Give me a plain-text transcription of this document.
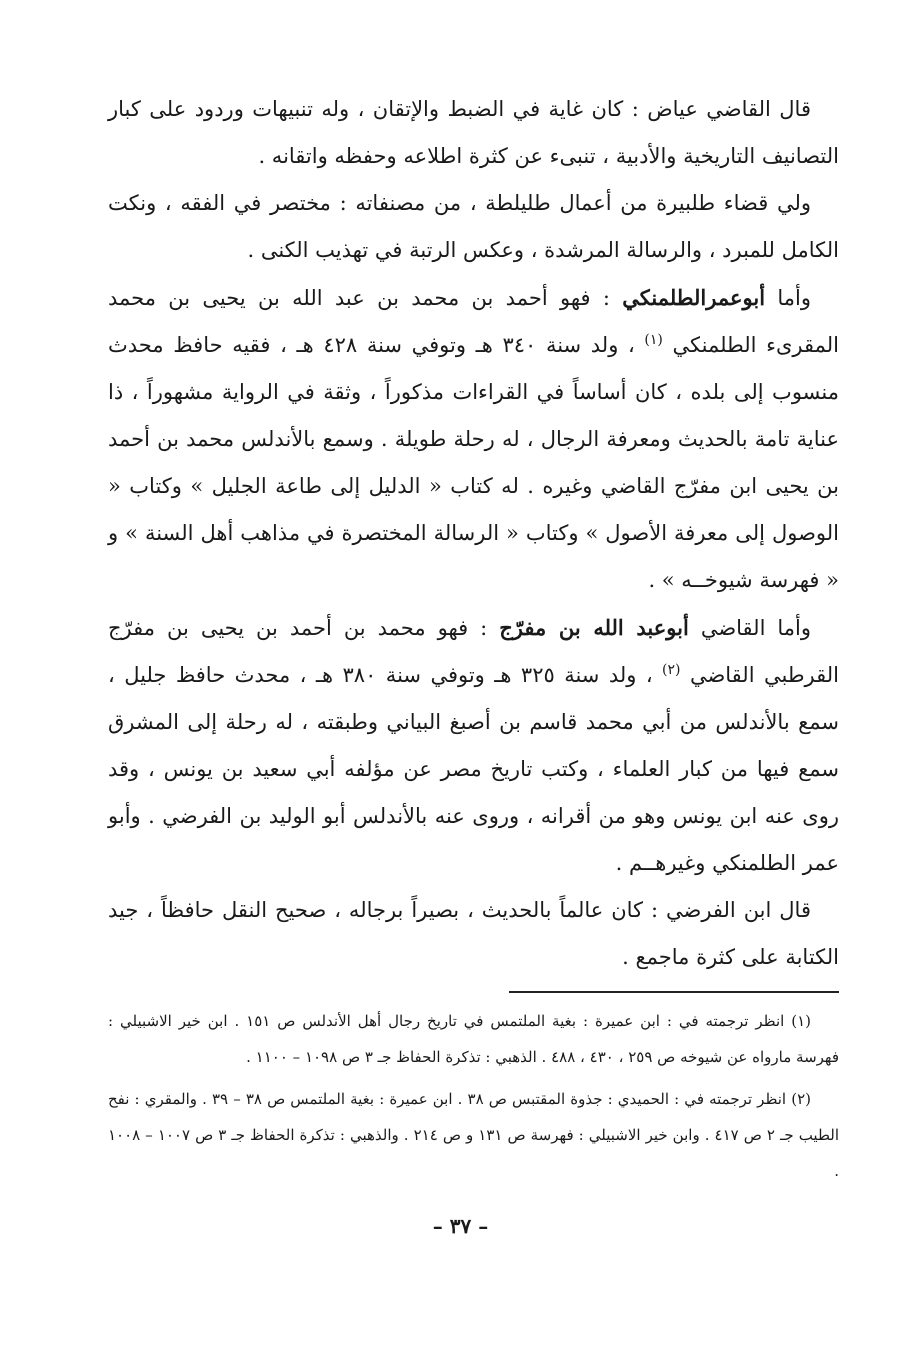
قال القاضي عياض : كان غاية في الضبط والإتقان ، وله تنبيهات وردود على كبار التصانيف التاريخية والأدبية ، تنبىء عن كثرة اطلاعه وحفظه واتقانه .

ولي قضاء طلبيرة من أعمال طليلطة ، من مصنفاته : مختصر في الفقه ، ونكت الكامل للمبرد ، والرسالة المرشدة ، وعكس الرتبة في تهذيب الكنى .

وأما أبوعمرالطلمنكي : فهو أحمد بن محمد بن عبد الله بن يحيى بن محمد المقرىء الطلمنكي $^{(١)}$ ، ولد سنة ٣٤٠ هـ وتوفي سنة ٤٢٨ هـ ، فقيه حافظ محدث منسوب إلى بلده ، كان أساساً في القراءات مذكوراً ، وثقة في الرواية مشهوراً ، ذا عناية تامة بالحديث ومعرفة الرجال ، له رحلة طويلة . وسمع بالأندلس محمد بن أحمد بن يحيى ابن مفرّج القاضي وغيره . له كتاب « الدليل إلى طاعة الجليل » وكتاب « الوصول إلى معرفة الأصول » وكتاب « الرسالة المختصرة في مذاهب أهل السنة » و « فهرسة شيوخــه » .

وأما القاضي أبوعبد الله بن مفرّج : فهو محمد بن أحمد بن يحيى بن مفرّج القرطبي القاضي $^{(٢)}$ ، ولد سنة ٣٢٥ هـ وتوفي سنة ٣٨٠ هـ ، محدث حافظ جليل ، سمع بالأندلس من أبي محمد قاسم بن أصبغ البياني وطبقته ، له رحلة إلى المشرق سمع فيها من كبار العلماء ، وكتب تاريخ مصر عن مؤلفه أبي سعيد بن يونس ، وقد روى عنه ابن يونس وهو من أقرانه ، وروى عنه بالأندلس أبو الوليد بن الفرضي . وأبو عمر الطلمنكي وغيرهــم .

قال ابن الفرضي : كان عالماً بالحديث ، بصيراً برجاله ، صحيح النقل حافظاً ، جيد الكتابة على كثرة ماجمع .

(١) انظر ترجمته في : ابن عميرة : بغية الملتمس في تاريخ رجال أهل الأندلس ص ١٥١ . ابن خير الاشبيلي : فهرسة مارواه عن شيوخه ص ٢٥٩ ، ٤٣٠ ، ٤٨٨ . الذهبي : تذكرة الحفاظ جـ ٣ ص ١٠٩٨ – ١١٠٠ .

(٢) انظر ترجمته في : الحميدي : جذوة المقتبس ص ٣٨ . ابن عميرة : بغية الملتمس ص ٣٨ – ٣٩ . والمقري : نفح الطيب جـ ٢ ص ٤١٧ . وابن خير الاشبيلي : فهرسة ص ١٣١ و ص ٢١٤ . والذهبي : تذكرة الحفاظ جـ ٣ ص ١٠٠٧ – ١٠٠٨ .

– ٣٧ –
